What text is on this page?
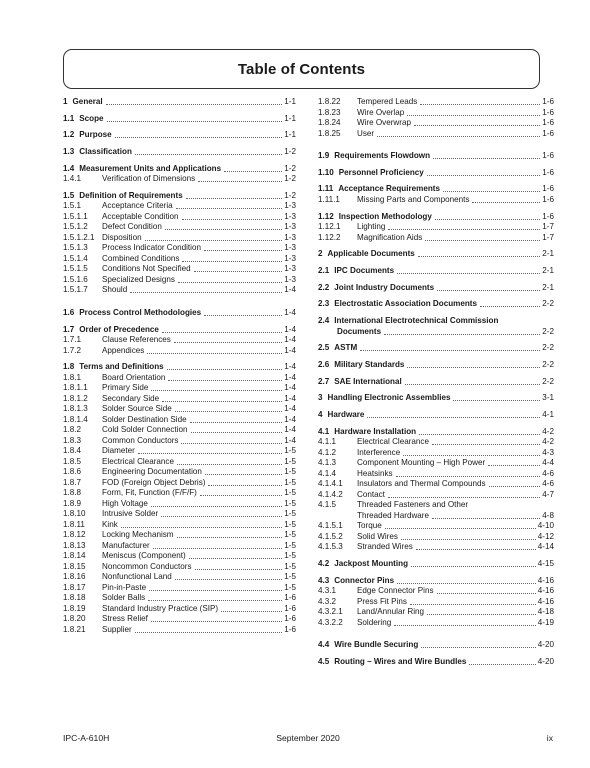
Table of Contents
1 General	1-1
1.1 Scope	1-1
1.2 Purpose	1-1
1.3 Classification	1-2
1.4 Measurement Units and Applications	1-2
1.4.1	Verification of Dimensions	1-2
1.5 Definition of Requirements	1-2
1.5.1	Acceptance Criteria	1-3
1.5.1.1	Acceptable Condition	1-3
1.5.1.2	Defect Condition	1-3
1.5.1.2.1 Disposition	1-3
1.5.1.3	Process Indicator Condition	1-3
1.5.1.4	Combined Conditions	1-3
1.5.1.5	Conditions Not Specified	1-3
1.5.1.6	Specialized Designs	1-3
1.5.1.7	Should	1-4
1.6 Process Control Methodologies	1-4
1.7 Order of Precedence	1-4
1.7.1	Clause References	1-4
1.7.2	Appendices	1-4
1.8 Terms and Definitions	1-4
1.8.1	Board Orientation	1-4
1.8.1.1	Primary Side	1-4
1.8.1.2	Secondary Side	1-4
1.8.1.3	Solder Source Side	1-4
1.8.1.4	Solder Destination Side	1-4
1.8.2	Cold Solder Connection	1-4
1.8.3	Common Conductors	1-4
1.8.4	Diameter	1-5
1.8.5	Electrical Clearance	1-5
1.8.6	Engineering Documentation	1-5
1.8.7	FOD (Foreign Object Debris)	1-5
1.8.8	Form, Fit, Function (F/F/F)	1-5
1.8.9	High Voltage	1-5
1.8.10	Intrusive Solder	1-5
1.8.11	Kink	1-5
1.8.12	Locking Mechanism	1-5
1.8.13	Manufacturer	1-5
1.8.14	Meniscus (Component)	1-5
1.8.15	Noncommon Conductors	1-5
1.8.16	Nonfunctional Land	1-5
1.8.17	Pin-in-Paste	1-5
1.8.18	Solder Balls	1-6
1.8.19	Standard Industry Practice (SIP)	1-6
1.8.20	Stress Relief	1-6
1.8.21	Supplier	1-6
1.8.22	Tempered Leads	1-6
1.8.23	Wire Overlap	1-6
1.8.24	Wire Overwrap	1-6
1.8.25	User	1-6
1.9 Requirements Flowdown	1-6
1.10 Personnel Proficiency	1-6
1.11 Acceptance Requirements	1-6
1.11.1	Missing Parts and Components	1-6
1.12 Inspection Methodology	1-6
1.12.1	Lighting	1-7
1.12.2	Magnification Aids	1-7
2 Applicable Documents	2-1
2.1 IPC Documents	2-1
2.2 Joint Industry Documents	2-1
2.3 Electrostatic Association Documents	2-2
2.4 International Electrotechnical Commission
Documents	2-2
2.5 ASTM	2-2
2.6 Military Standards	2-2
2.7 SAE International	2-2
3 Handling Electronic Assemblies	3-1
4 Hardware	4-1
4.1 Hardware Installation	4-2
4.1.1	Electrical Clearance	4-2
4.1.2	Interference	4-3
4.1.3	Component Mounting – High Power	4-4
4.1.4	Heatsinks	4-6
4.1.4.1	Insulators and Thermal Compounds	4-6
4.1.4.2	Contact	4-7
4.1.5	Threaded Fasteners and Other
Threaded Hardware	4-8
4.1.5.1	Torque	4-10
4.1.5.2	Solid Wires	4-12
4.1.5.3	Stranded Wires	4-14
4.2 Jackpost Mounting	4-15
4.3 Connector Pins	4-16
4.3.1	Edge Connector Pins	4-16
4.3.2	Press Fit Pins	4-16
4.3.2.1	Land/Annular Ring	4-18
4.3.2.2	Soldering	4-19
4.4 Wire Bundle Securing	4-20
4.5 Routing – Wires and Wire Bundles	4-20
IPC-A-610H	September 2020	ix
